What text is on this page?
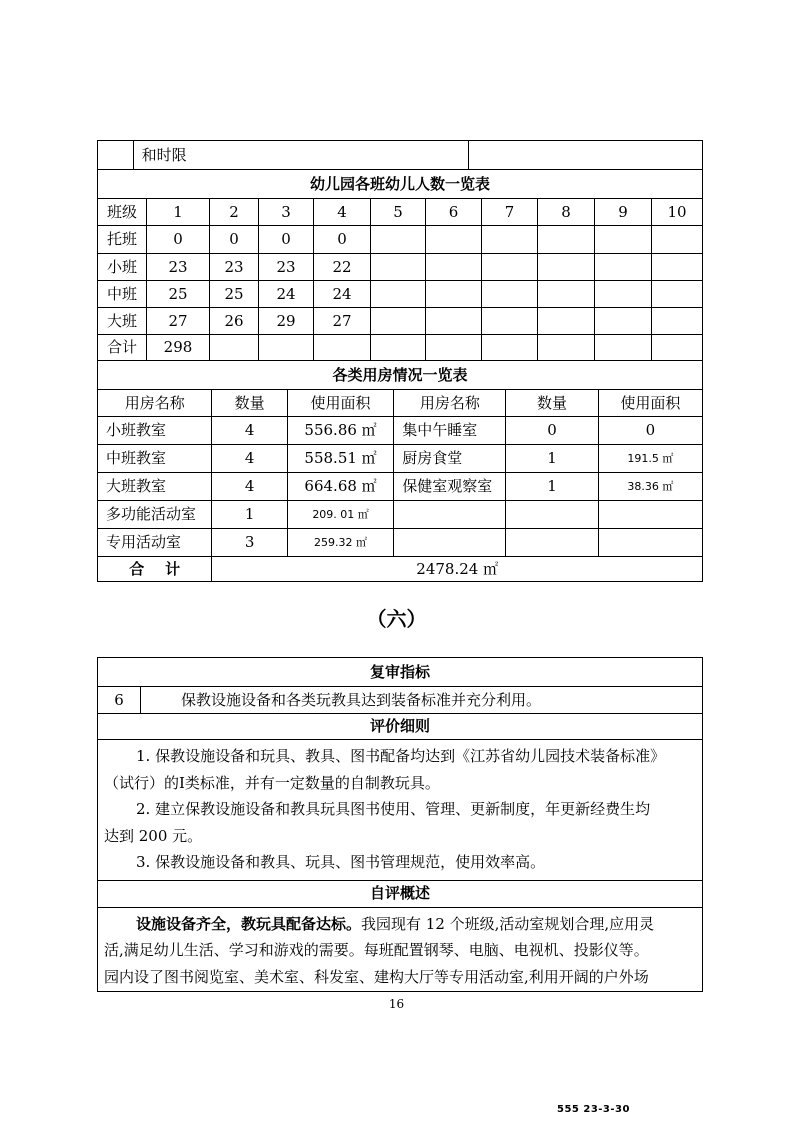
	和时限	
幼儿园各班幼儿人数一览表										
班级	1	2	3	4	5	6	7	8	9	10
托班	0	0	0	0						
小班	23	23	23	22						
中班	25	25	24	24						
大班	27	26	29	27						
合计	298									
各类用房情况一览表					
用房名称	数量	使用面积	用房名称	数量	使用面积
小班教室	4	556.86 ㎡	集中午睡室	0	0
中班教室	4	558.51 ㎡	厨房食堂	1	191.5 ㎡
大班教室	4	664.68 ㎡	保健室观察室	1	38.36 ㎡
多功能活动室	1	209. 01 ㎡			
专用活动室	3	259.32 ㎡			
合    计	2478.24 ㎡				
（六）
复审指标
6	保教设施设备和各类玩教具达到装备标准并充分利用。
评价细则

1. 保教设施设备和玩具、教具、图书配备均达到《江苏省幼儿园技术装备标准》
（试行）的Ⅰ类标准，并有一定数量的自制教玩具。
2. 建立保教设施设备和教具玩具图书使用、管理、更新制度，年更新经费生均
达到 200 元。
3. 保教设施设备和教具、玩具、图书管理规范，使用效率高。

自评概述

设施设备齐全，教玩具配备达标。我园现有 12 个班级,活动室规划合理,应用灵
活,满足幼儿生活、学习和游戏的需要。每班配置钢琴、电脑、电视机、投影仪等。
园内设了图书阅览室、美术室、科发室、建构大厅等专用活动室,利用开阔的户外场
16
555 23-3-30
